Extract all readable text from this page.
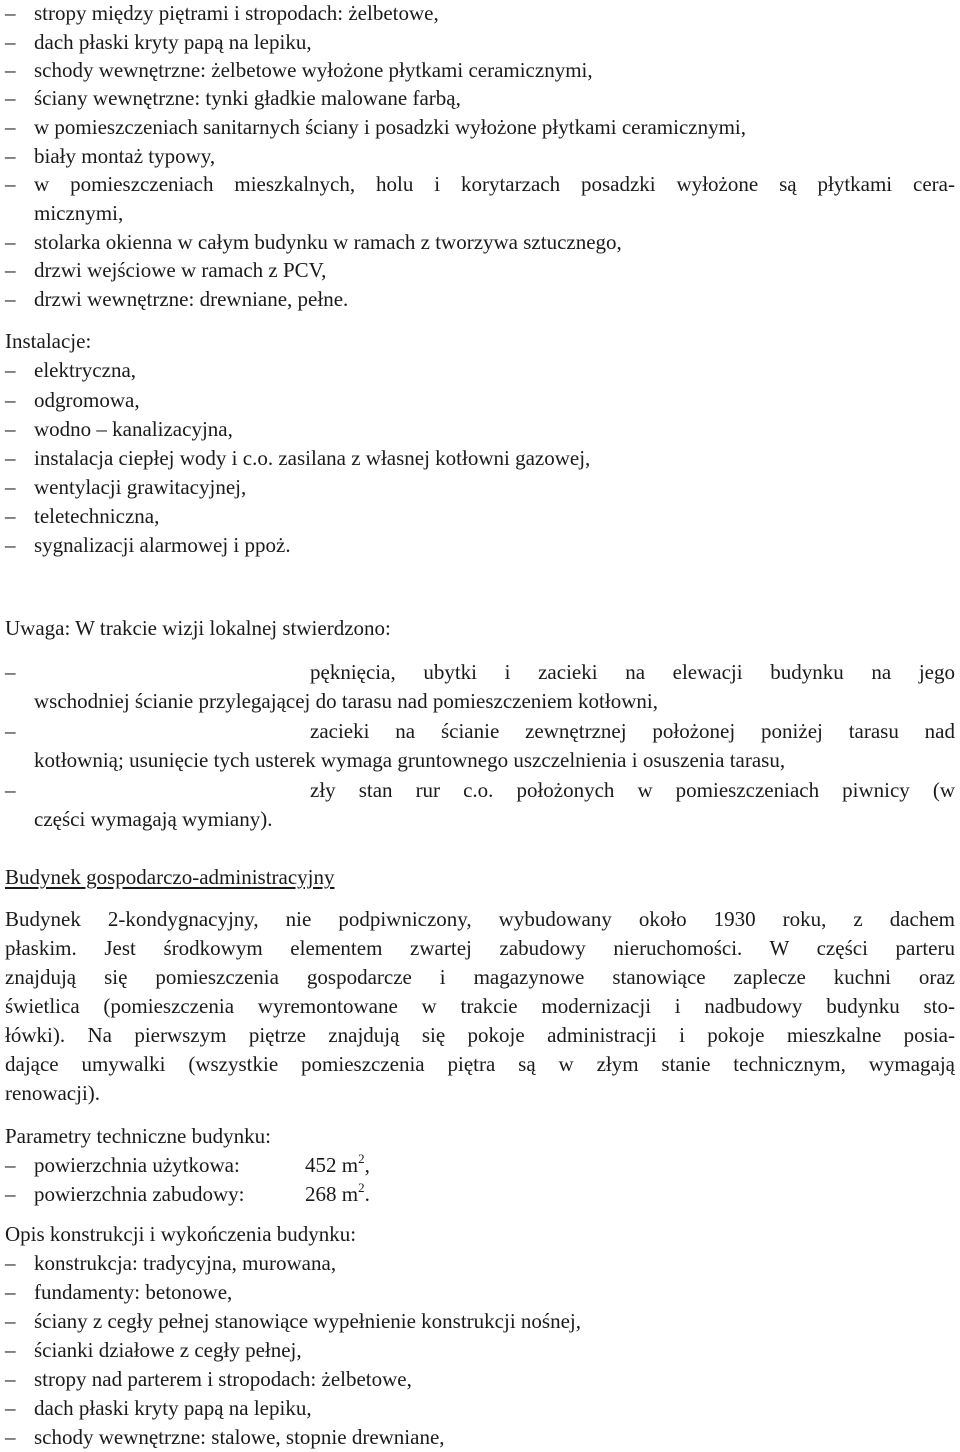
– stropy między piętrami i stropodach: żelbetowe,
– dach płaski kryty papą na lepiku,
– schody wewnętrzne: żelbetowe wyłożone płytkami ceramicznymi,
– ściany wewnętrzne: tynki gładkie malowane farbą,
– w pomieszczeniach sanitarnych ściany i posadzki wyłożone płytkami ceramicznymi,
– biały montaż typowy,
– w pomieszczeniach mieszkalnych, holu i korytarzach posadzki wyłożone są płytkami cera-
micznymi,
– stolarka okienna w całym budynku w ramach z tworzywa sztucznego,
– drzwi wejściowe w ramach z PCV,
– drzwi wewnętrzne: drewniane, pełne.
Instalacje:
– elektryczna,
– odgromowa,
– wodno – kanalizacyjna,
– instalacja ciepłej wody i c.o. zasilana z własnej kotłowni gazowej,
– wentylacji grawitacyjnej,
– teletechniczna,
– sygnalizacji alarmowej i ppoż.
Uwaga: W trakcie wizji lokalnej stwierdzono:
–	pęknięcia, ubytki i zacieki na elewacji budynku na jego
wschodniej ścianie przylegającej do tarasu nad pomieszczeniem kotłowni,
–	zacieki na ścianie zewnętrznej położonej poniżej tarasu nad
kotłownią; usunięcie tych usterek wymaga gruntownego uszczelnienia i osuszenia tarasu,
–	zły stan rur c.o. położonych w pomieszczeniach piwnicy (w
części wymagają wymiany).
Budynek gospodarczo-administracyjny
Budynek 2-kondygnacyjny, nie podpiwniczony, wybudowany około 1930 roku, z dachem
płaskim. Jest środkowym elementem zwartej zabudowy nieruchomości. W części parteru
znajdują się pomieszczenia gospodarcze i magazynowe stanowiące zaplecze kuchni oraz
świetlica (pomieszczenia wyremontowane w trakcie modernizacji i nadbudowy budynku sto-
łówki). Na pierwszym piętrze znajdują się pokoje administracji i pokoje mieszkalne posia-
dające umywalki (wszystkie pomieszczenia piętra są w złym stanie technicznym, wymagają
renowacji).
Parametry techniczne budynku:
– powierzchnia użytkowa:	452 $m^2$,
– powierzchnia zabudowy:	268 $m^2$.
Opis konstrukcji i wykończenia budynku:
– konstrukcja: tradycyjna, murowana,
– fundamenty: betonowe,
– ściany z cegły pełnej stanowiące wypełnienie konstrukcji nośnej,
– ścianki działowe z cegły pełnej,
– stropy nad parterem i stropodach: żelbetowe,
– dach płaski kryty papą na lepiku,
– schody wewnętrzne: stalowe, stopnie drewniane,
